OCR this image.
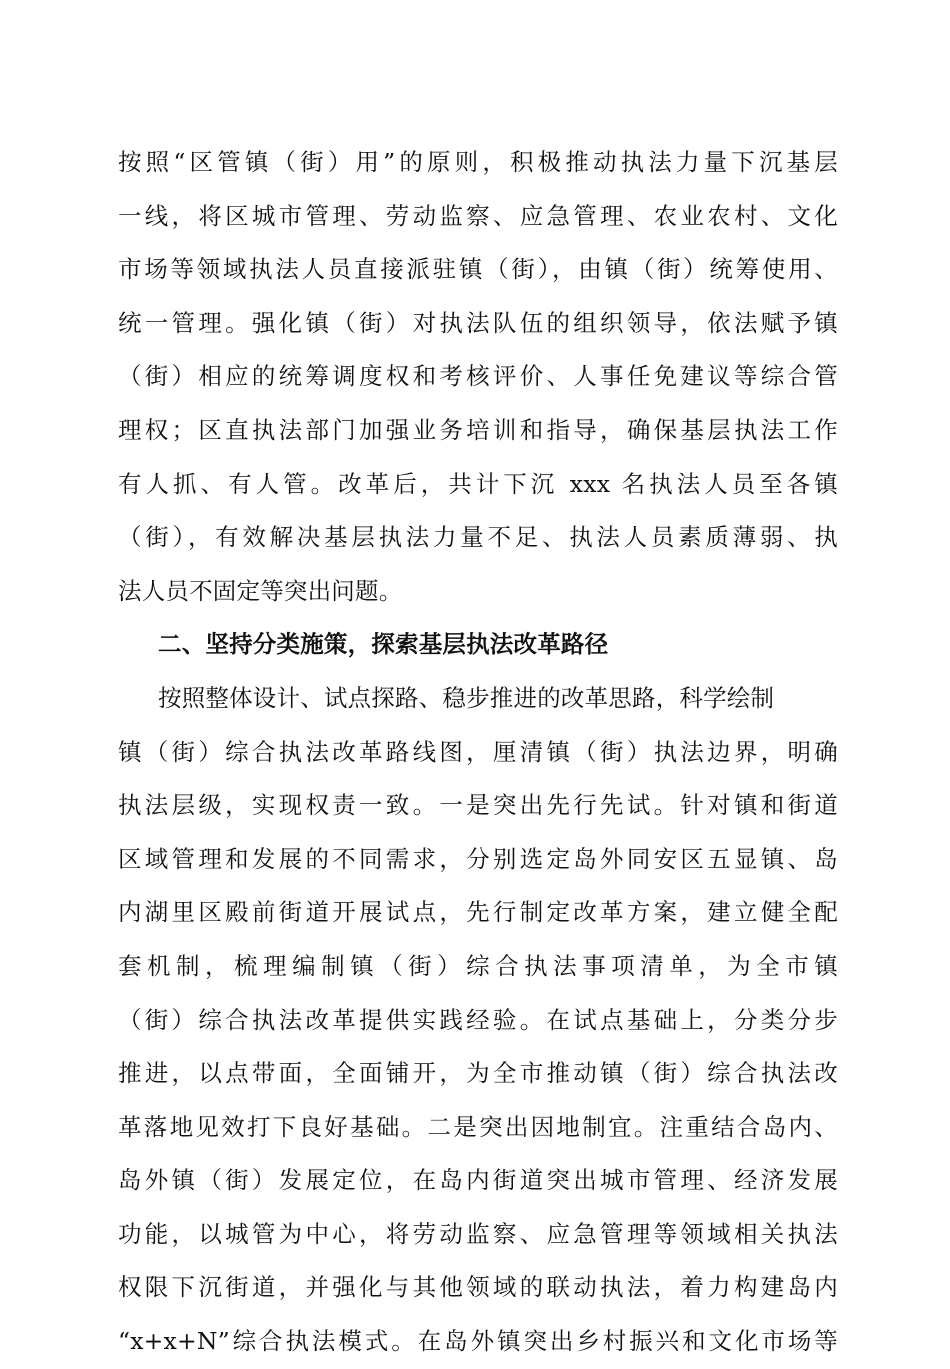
按照“区管镇（街）用”的原则，积极推动执法力量下沉基层
一线，将区城市管理、劳动监察、应急管理、农业农村、文化
市场等领域执法人员直接派驻镇（街），由镇（街）统筹使用、
统一管理。强化镇（街）对执法队伍的组织领导，依法赋予镇
（街）相应的统筹调度权和考核评价、人事任免建议等综合管
理权；区直执法部门加强业务培训和指导，确保基层执法工作
有人抓、有人管。改革后，共计下沉 xxx 名执法人员至各镇
（街），有效解决基层执法力量不足、执法人员素质薄弱、执
法人员不固定等突出问题。
二、坚持分类施策，探索基层执法改革路径
按照整体设计、试点探路、稳步推进的改革思路，科学绘制
镇（街）综合执法改革路线图，厘清镇（街）执法边界，明确
执法层级，实现权责一致。一是突出先行先试。针对镇和街道
区域管理和发展的不同需求，分别选定岛外同安区五显镇、岛
内湖里区殿前街道开展试点，先行制定改革方案，建立健全配
套机制，梳理编制镇（街）综合执法事项清单，为全市镇
（街）综合执法改革提供实践经验。在试点基础上，分类分步
推进，以点带面，全面铺开，为全市推动镇（街）综合执法改
革落地见效打下良好基础。二是突出因地制宜。注重结合岛内、
岛外镇（街）发展定位，在岛内街道突出城市管理、经济发展
功能，以城管为中心，将劳动监察、应急管理等领域相关执法
权限下沉街道，并强化与其他领域的联动执法，着力构建岛内
“x+x+N”综合执法模式。在岛外镇突出乡村振兴和文化市场等
